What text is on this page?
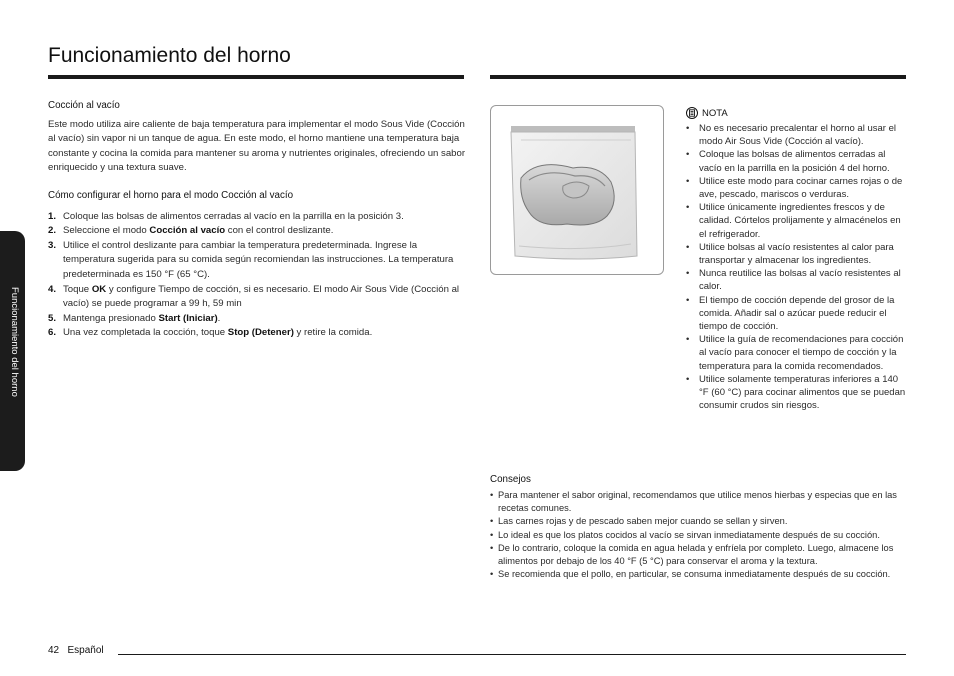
Funcionamiento del horno
Funcionamiento del horno

Cocción al vacío

Este modo utiliza aire caliente de baja temperatura para implementar el modo Sous Vide (Cocción al vacío) sin vapor ni un tanque de agua. En este modo, el horno mantiene una temperatura baja constante y cocina la comida para mantener su aroma y nutrientes originales, ofreciendo un sabor enriquecido y una textura suave.

Cómo configurar el horno para el modo Cocción al vacío

1. Coloque las bolsas de alimentos cerradas al vacío en la parrilla en la posición 3.
2. Seleccione el modo Cocción al vacío con el control deslizante.
3. Utilice el control deslizante para cambiar la temperatura predeterminada. Ingrese la temperatura sugerida para su comida según recomiendan las instrucciones. La temperatura predeterminada es 150 °F (65 °C).
4. Toque OK y configure Tiempo de cocción, si es necesario. El modo Air Sous Vide (Cocción al vacío) se puede programar a 99 h, 59 min
5. Mantenga presionado Start (Iniciar).
6. Una vez completada la cocción, toque Stop (Detener) y retire la comida.
NOTA
• No es necesario precalentar el horno al usar el modo Air Sous Vide (Cocción al vacío).
• Coloque las bolsas de alimentos cerradas al vacío en la parrilla en la posición 4 del horno.
• Utilice este modo para cocinar carnes rojas o de ave, pescado, mariscos o verduras.
• Utilice únicamente ingredientes frescos y de calidad. Córtelos prolijamente y almacénelos en el refrigerador.
• Utilice bolsas al vacío resistentes al calor para transportar y almacenar los ingredientes.
• Nunca reutilice las bolsas al vacío resistentes al calor.
• El tiempo de cocción depende del grosor de la comida. Añadir sal o azúcar puede reducir el tiempo de cocción.
• Utilice la guía de recomendaciones para cocción al vacío para conocer el tiempo de cocción y la temperatura para la comida recomendados.
• Utilice solamente temperaturas inferiores a 140 °F (60 °C) para cocinar alimentos que se puedan consumir crudos sin riesgos.
Consejos
• Para mantener el sabor original, recomendamos que utilice menos hierbas y especias que en las recetas comunes.
• Las carnes rojas y de pescado saben mejor cuando se sellan y sirven.
• Lo ideal es que los platos cocidos al vacío se sirvan inmediatamente después de su cocción.
• De lo contrario, coloque la comida en agua helada y enfríela por completo. Luego, almacene los alimentos por debajo de los 40 °F (5 °C) para conservar el aroma y la textura.
• Se recomienda que el pollo, en particular, se consuma inmediatamente después de su cocción.
42 Español
